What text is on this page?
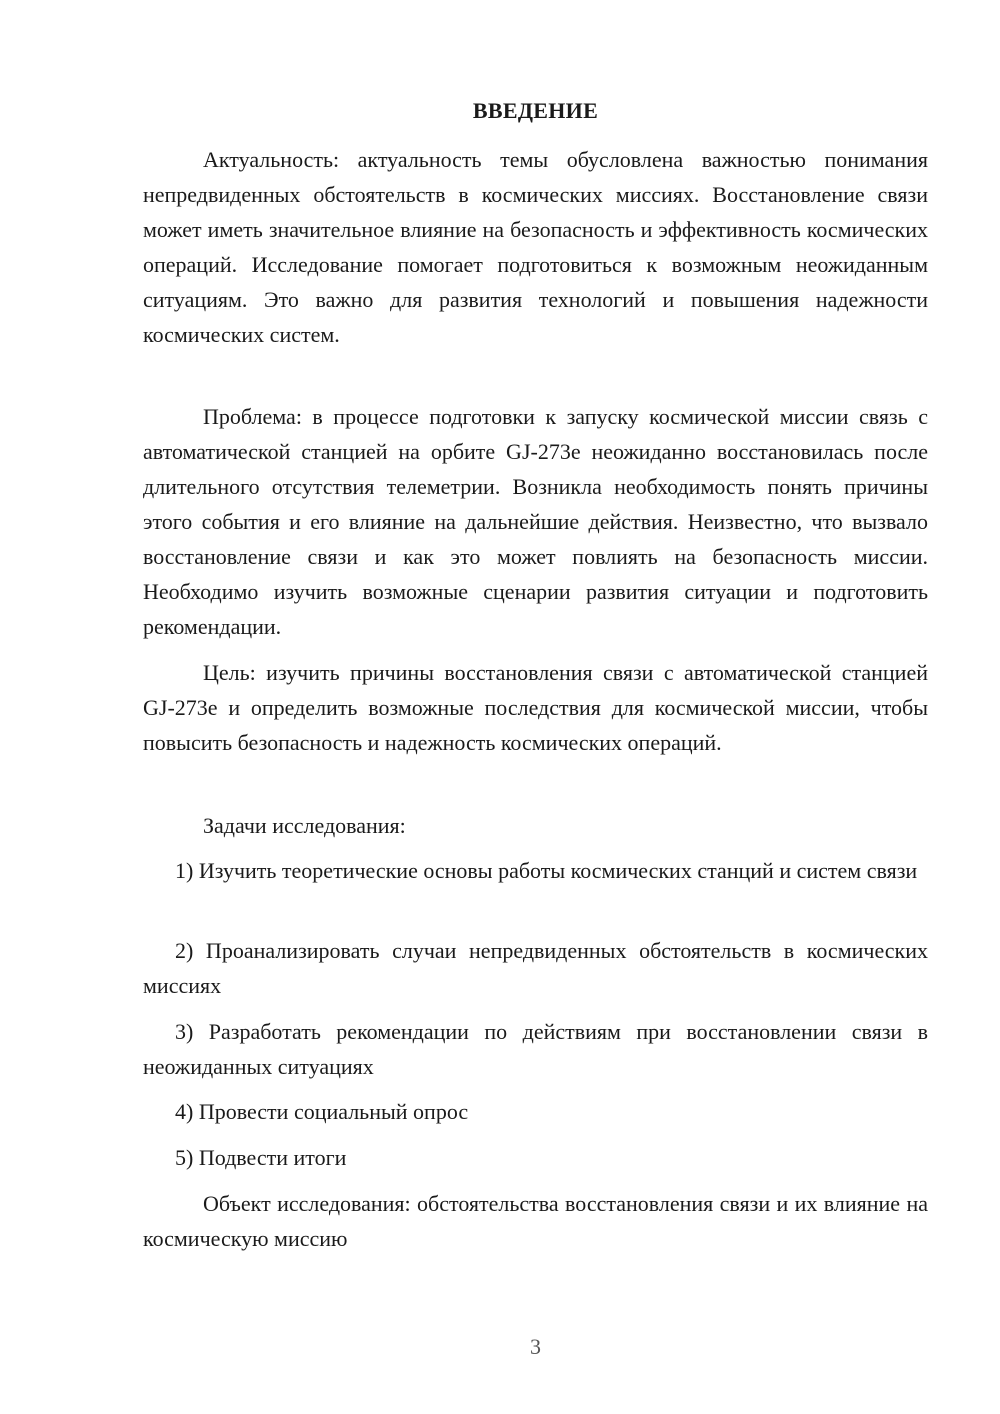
ВВЕДЕНИЕ

Актуальность: актуальность темы обусловлена важностью понимания непредвиденных обстоятельств в космических миссиях. Восстановление связи может иметь значительное влияние на безопасность и эффективность космических операций. Исследование помогает подготовиться к возможным неожиданным ситуациям. Это важно для развития технологий и повышения надежности космических систем.

Проблема: в процессе подготовки к запуску космической миссии связь с автоматической станцией на орбите GJ-273e неожиданно восстановилась после длительного отсутствия телеметрии. Возникла необходимость понять причины этого события и его влияние на дальнейшие действия. Неизвестно, что вызвало восстановление связи и как это может повлиять на безопасность миссии. Необходимо изучить возможные сценарии развития ситуации и подготовить рекомендации.

Цель: изучить причины восстановления связи с автоматической станцией GJ-273e и определить возможные последствия для космической миссии, чтобы повысить безопасность и надежность космических операций.

Задачи исследования:

1) Изучить теоретические основы работы космических станций и систем связи

2) Проанализировать случаи непредвиденных обстоятельств в космических миссиях

3) Разработать рекомендации по действиям при восстановлении связи в неожиданных ситуациях

4) Провести социальный опрос

5) Подвести итоги

Объект исследования: обстоятельства восстановления связи и их влияние на космическую миссию

3
